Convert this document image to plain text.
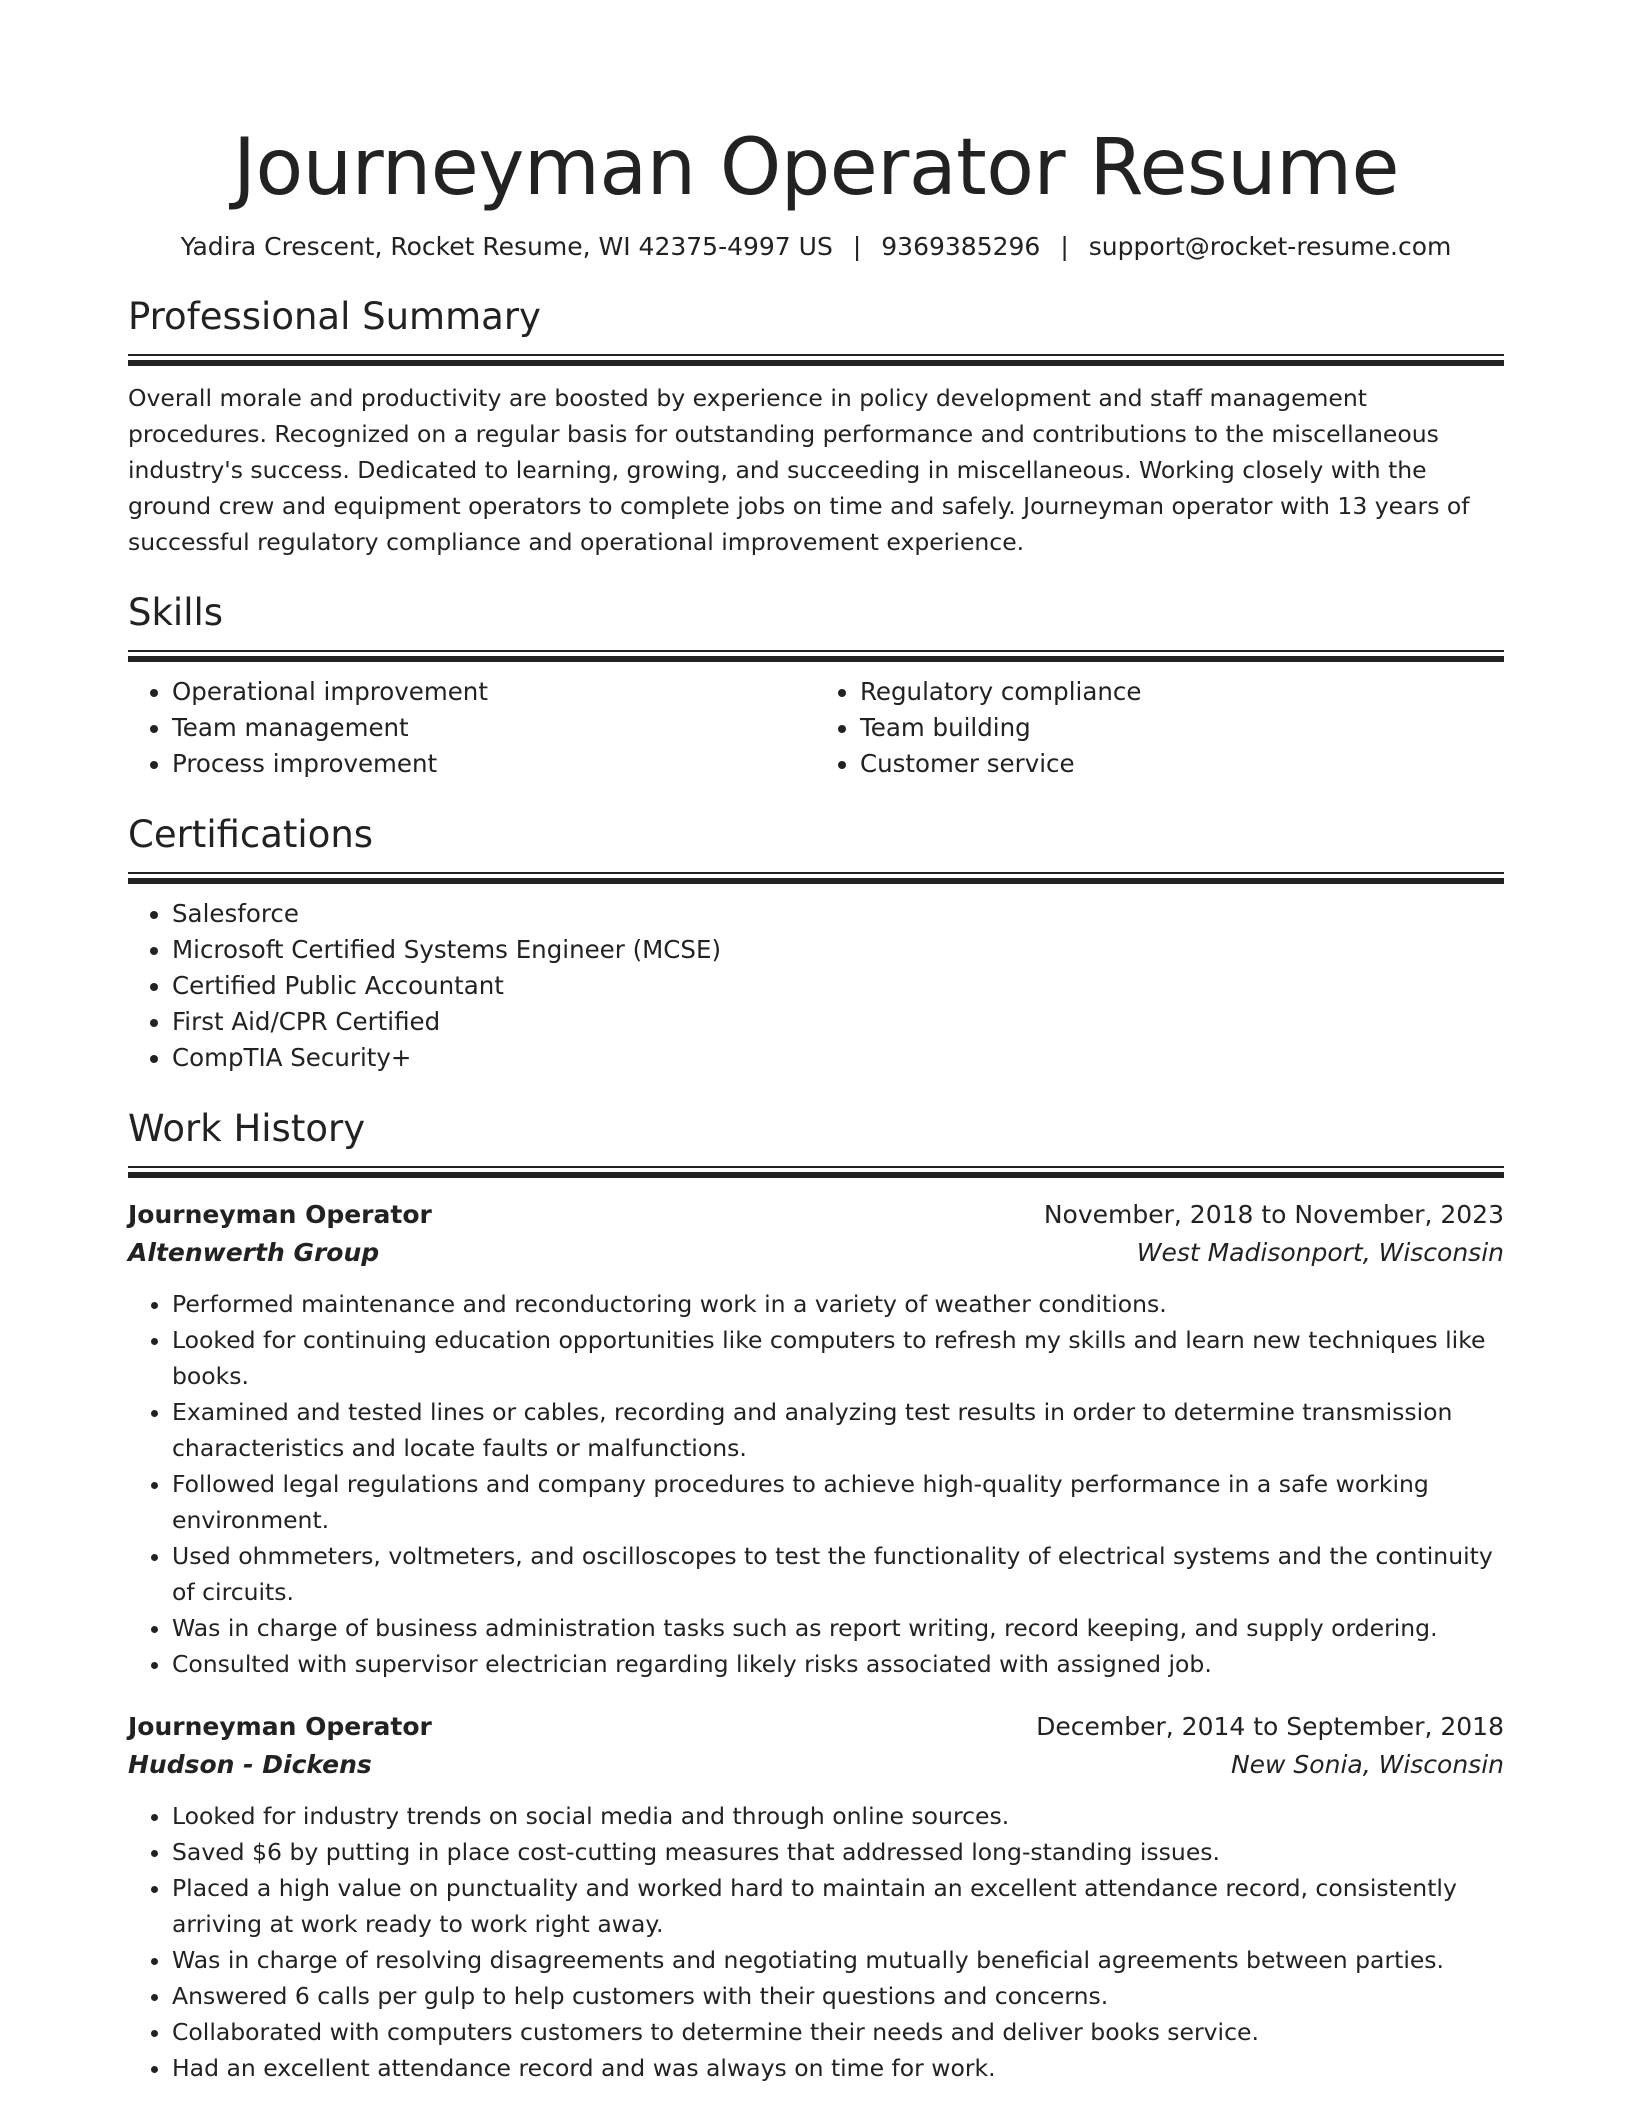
Journeyman Operator Resume
Yadira Crescent, Rocket Resume, WI 42375-4997 US | 9369385296 | support@rocket-resume.com
Professional Summary

Overall morale and productivity are boosted by experience in policy development and staff management procedures. Recognized on a regular basis for outstanding performance and contributions to the miscellaneous industry's success. Dedicated to learning, growing, and succeeding in miscellaneous. Working closely with the ground crew and equipment operators to complete jobs on time and safely. Journeyman operator with 13 years of successful regulatory compliance and operational improvement experience.

Skills
• Operational improvement
• Team management
• Process improvement
• Regulatory compliance
• Team building
• Customer service
Certifications
• Salesforce
• Microsoft Certified Systems Engineer (MCSE)
• Certified Public Accountant
• First Aid/CPR Certified
• CompTIA Security+
Work History
Journeyman Operator	November, 2018 to November, 2023
Altenwerth Group	West Madisonport, Wisconsin
• Performed maintenance and reconductoring work in a variety of weather conditions.
• Looked for continuing education opportunities like computers to refresh my skills and learn new techniques like books.
• Examined and tested lines or cables, recording and analyzing test results in order to determine transmission characteristics and locate faults or malfunctions.
• Followed legal regulations and company procedures to achieve high-quality performance in a safe working environment.
• Used ohmmeters, voltmeters, and oscilloscopes to test the functionality of electrical systems and the continuity of circuits.
• Was in charge of business administration tasks such as report writing, record keeping, and supply ordering.
• Consulted with supervisor electrician regarding likely risks associated with assigned job.
Journeyman Operator	December, 2014 to September, 2018
Hudson - Dickens	New Sonia, Wisconsin
• Looked for industry trends on social media and through online sources.
• Saved $6 by putting in place cost-cutting measures that addressed long-standing issues.
• Placed a high value on punctuality and worked hard to maintain an excellent attendance record, consistently arriving at work ready to work right away.
• Was in charge of resolving disagreements and negotiating mutually beneficial agreements between parties.
• Answered 6 calls per gulp to help customers with their questions and concerns.
• Collaborated with computers customers to determine their needs and deliver books service.
• Had an excellent attendance record and was always on time for work.
